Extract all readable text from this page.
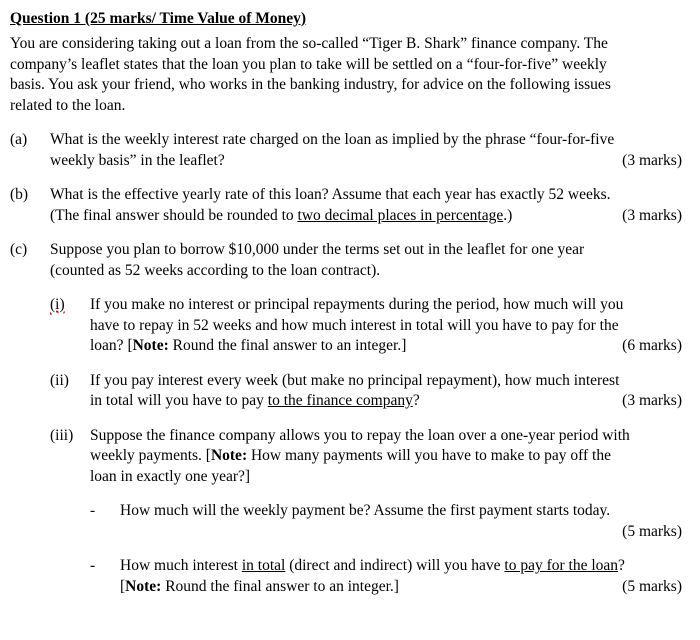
Question 1 (25 marks/ Time Value of Money)
You are considering taking out a loan from the so-called “Tiger B. Shark” finance company. The
company’s leaflet states that the loan you plan to take will be settled on a “four-for-five” weekly
basis. You ask your friend, who works in the banking industry, for advice on the following issues
related to the loan.
(a) What is the weekly interest rate charged on the loan as implied by the phrase “four-for-five
weekly basis” in the leaflet?	(3 marks)
(b) What is the effective yearly rate of this loan? Assume that each year has exactly 52 weeks.
(The final answer should be rounded to two decimal places in percentage.)	(3 marks)
(c) Suppose you plan to borrow $10,000 under the terms set out in the leaflet for one year
(counted as 52 weeks according to the loan contract).
(i) If you make no interest or principal repayments during the period, how much will you
have to repay in 52 weeks and how much interest in total will you have to pay for the
loan? [Note: Round the final answer to an integer.]	(6 marks)
(ii) If you pay interest every week (but make no principal repayment), how much interest
in total will you have to pay to the finance company?	(3 marks)
(iii) Suppose the finance company allows you to repay the loan over a one-year period with
weekly payments. [Note: How many payments will you have to make to pay off the
loan in exactly one year?]
- How much will the weekly payment be? Assume the first payment starts today.
(5 marks)
- How much interest in total (direct and indirect) will you have to pay for the loan?
[Note: Round the final answer to an integer.]	(5 marks)
